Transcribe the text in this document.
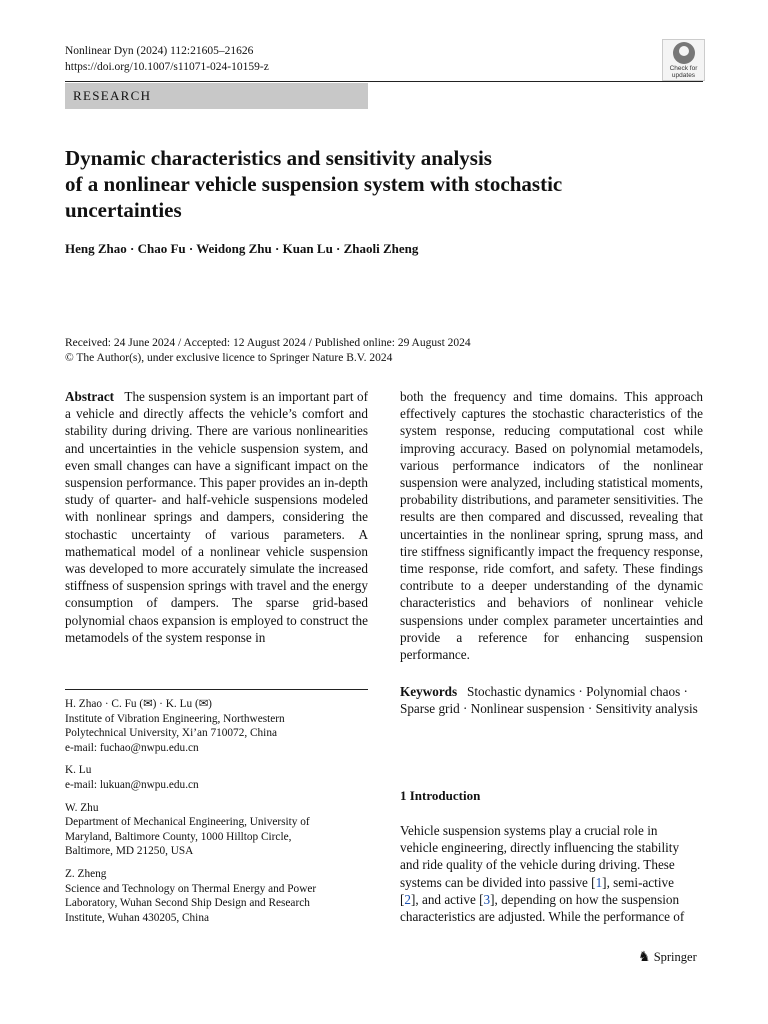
Nonlinear Dyn (2024) 112:21605–21626
https://doi.org/10.1007/s11071-024-10159-z	Check for
updates
RESEARCH
Dynamic characteristics and sensitivity analysis
of a nonlinear vehicle suspension system with stochastic
uncertainties
Heng Zhao · Chao Fu · Weidong Zhu · Kuan Lu · Zhaoli Zheng
Received: 24 June 2024 / Accepted: 12 August 2024 / Published online: 29 August 2024
© The Author(s), under exclusive licence to Springer Nature B.V. 2024

Abstract The suspension system is an important part of a vehicle and directly affects the vehicle’s comfort and stability during driving. There are various nonlinearities and uncertainties in the vehicle suspension system, and even small changes can have a significant impact on the suspension performance. This paper provides an in-depth study of quarter- and half-vehicle suspensions modeled with nonlinear springs and dampers, considering the stochastic uncertainty of various parameters. A mathematical model of a nonlinear vehicle suspension was developed to more accurately simulate the increased stiffness of suspension springs with travel and the energy consumption of dampers. The sparse grid-based polynomial chaos expansion is employed to construct the metamodels of the system response in

both the frequency and time domains. This approach effectively captures the stochastic characteristics of the system response, reducing computational cost while improving accuracy. Based on polynomial metamodels, various performance indicators of the nonlinear suspension were analyzed, including statistical moments, probability distributions, and parameter sensitivities. The results are then compared and discussed, revealing that uncertainties in the nonlinear spring, sprung mass, and tire stiffness significantly impact the frequency response, time response, ride comfort, and safety. These findings contribute to a deeper understanding of the dynamic characteristics and behaviors of nonlinear vehicle suspensions under complex parameter uncertainties and provide a reference for enhancing suspension performance.

H. Zhao · C. Fu (✉) · K. Lu (✉)
Institute of Vibration Engineering, Northwestern
Polytechnical University, Xi’an 710072, China
e-mail: fuchao@nwpu.edu.cn
K. Lu
e-mail: lukuan@nwpu.edu.cn
W. Zhu
Department of Mechanical Engineering, University of
Maryland, Baltimore County, 1000 Hilltop Circle,
Baltimore, MD 21250, USA
Z. Zheng
Science and Technology on Thermal Energy and Power
Laboratory, Wuhan Second Ship Design and Research
Institute, Wuhan 430205, China
Keywords Stochastic dynamics · Polynomial chaos · Sparse grid · Nonlinear suspension · Sensitivity analysis
1 Introduction
Vehicle suspension systems play a crucial role in
vehicle engineering, directly influencing the stability
and ride quality of the vehicle during driving. These
systems can be divided into passive [1], semi-active
[2], and active [3], depending on how the suspension
characteristics are adjusted. While the performance of
♞ Springer
